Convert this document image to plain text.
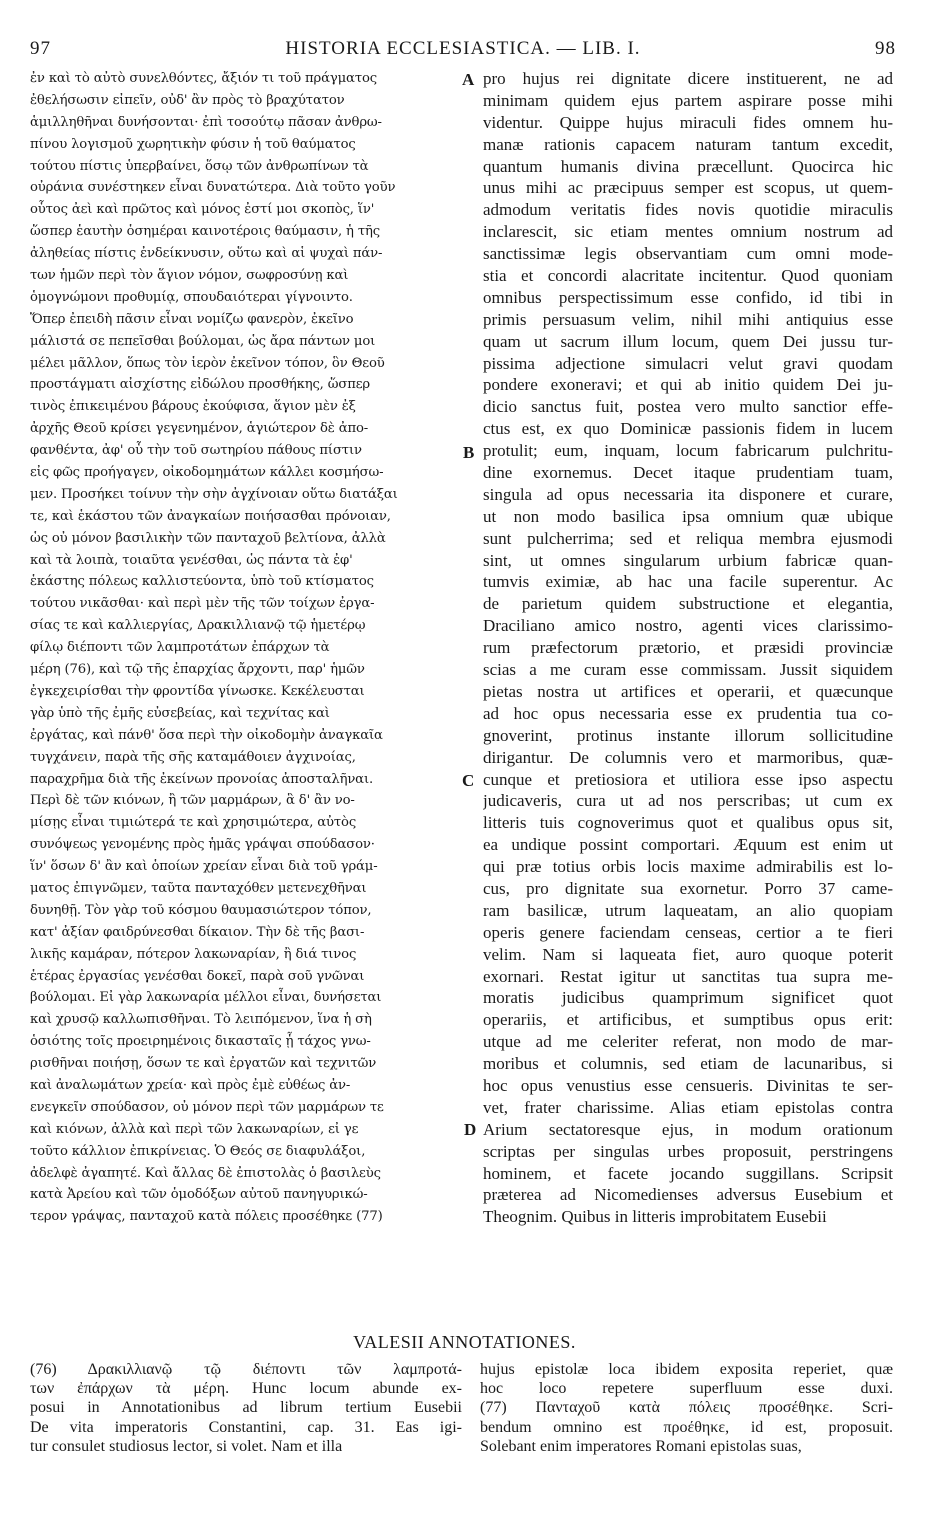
97	HISTORIA ECCLESIASTICA. — LIB. I.	98
ἐν καὶ τὸ αὐτὸ συνελθόντες, ἄξιόν τι τοῦ πράγματος
ἐθελήσωσιν εἰπεῖν, οὐδ' ἂν πρὸς τὸ βραχύτατον
ἁμιλληθῆναι δυνήσονται· ἐπὶ τοσούτῳ πᾶσαν ἀνθρω-
πίνου λογισμοῦ χωρητικὴν φύσιν ἡ τοῦ θαύματος
τούτου πίστις ὑπερβαίνει, ὅσῳ τῶν ἀνθρωπίνων τὰ
οὐράνια συνέστηκεν εἶναι δυνατώτερα. Διὰ τοῦτο γοῦν
οὗτος ἀεὶ καὶ πρῶτος καὶ μόνος ἐστί μοι σκοπὸς, ἵν'
ὥσπερ ἑαυτὴν ὁσημέραι καινοτέροις θαύμασιν, ἡ τῆς
ἀληθείας πίστις ἐνδείκνυσιν, οὕτω καὶ αἱ ψυχαὶ πάν-
των ἡμῶν περὶ τὸν ἅγιον νόμον, σωφροσύνῃ καὶ
ὁμογνώμονι προθυμίᾳ, σπουδαιότεραι γίγνοιντο.
Ὅπερ ἐπειδὴ πᾶσιν εἶναι νομίζω φανερὸν, ἐκεῖνο
μάλιστά σε πεπεῖσθαι βούλομαι, ὡς ἄρα πάντων μοι
μέλει μᾶλλον, ὅπως τὸν ἱερὸν ἐκεῖνον τόπον, ὃν Θεοῦ
προστάγματι αἰσχίστης εἰδώλου προσθήκης, ὥσπερ
τινὸς ἐπικειμένου βάρους ἐκούφισα, ἅγιον μὲν ἐξ
ἀρχῆς Θεοῦ κρίσει γεγενημένον, ἁγιώτερον δὲ ἀπο-
φανθέντα, ἀφ' οὗ τὴν τοῦ σωτηρίου πάθους πίστιν
εἰς φῶς προήγαγεν, οἰκοδομημάτων κάλλει κοσμήσω-
μεν. Προσήκει τοίνυν τὴν σὴν ἀγχίνοιαν οὕτω διατάξαι
τε, καὶ ἑκάστου τῶν ἀναγκαίων ποιήσασθαι πρόνοιαν,
ὡς οὐ μόνον βασιλικὴν τῶν πανταχοῦ βελτίονα, ἀλλὰ
καὶ τὰ λοιπὰ, τοιαῦτα γενέσθαι, ὡς πάντα τὰ ἐφ'
ἑκάστης πόλεως καλλιστεύοντα, ὑπὸ τοῦ κτίσματος
τούτου νικᾶσθαι· καὶ περὶ μὲν τῆς τῶν τοίχων ἐργα-
σίας τε καὶ καλλιεργίας, Δρακιλλιανῷ τῷ ἡμετέρῳ
φίλῳ διέποντι τῶν λαμπροτάτων ἐπάρχων τὰ
μέρη (76), καὶ τῷ τῆς ἐπαρχίας ἄρχοντι, παρ' ἡμῶν
ἐγκεχειρίσθαι τὴν φροντίδα γίνωσκε. Κεκέλευσται
γὰρ ὑπὸ τῆς ἐμῆς εὐσεβείας, καὶ τεχνίτας καὶ
ἐργάτας, καὶ πάνθ' ὅσα περὶ τὴν οἰκοδομὴν ἀναγκαῖα
τυγχάνειν, παρὰ τῆς σῆς καταμάθοιεν ἀγχινοίας,
παραχρῆμα διὰ τῆς ἐκείνων προνοίας ἀποσταλῆναι.
Περὶ δὲ τῶν κιόνων, ἢ τῶν μαρμάρων, ἃ δ' ἂν νο-
μίσῃς εἶναι τιμιώτερά τε καὶ χρησιμώτερα, αὐτὸς
συνόψεως γενομένης πρὸς ἡμᾶς γράψαι σπούδασον·
ἵν' ὅσων δ' ἂν καὶ ὁποίων χρείαν εἶναι διὰ τοῦ γράμ-
ματος ἐπιγνῶμεν, ταῦτα πανταχόθεν μετενεχθῆναι
δυνηθῇ. Τὸν γὰρ τοῦ κόσμου θαυμασιώτερον τόπον,
κατ' ἀξίαν φαιδρύνεσθαι δίκαιον. Τὴν δὲ τῆς βασι-
λικῆς καμάραν, πότερον λακωναρίαν, ἢ διά τινος
ἑτέρας ἐργασίας γενέσθαι δοκεῖ, παρὰ σοῦ γνῶναι
βούλομαι. Εἰ γὰρ λακωναρία μέλλοι εἶναι, δυνήσεται
καὶ χρυσῷ καλλωπισθῆναι. Τὸ λειπόμενον, ἵνα ἡ σὴ
ὁσιότης τοῖς προειρημένοις δικασταῖς ᾗ τάχος γνω-
ρισθῆναι ποιήσῃ, ὅσων τε καὶ ἐργατῶν καὶ τεχνιτῶν
καὶ ἀναλωμάτων χρεία· καὶ πρὸς ἐμὲ εὐθέως ἀν-
ενεγκεῖν σπούδασον, οὐ μόνον περὶ τῶν μαρμάρων τε
καὶ κιόνων, ἀλλὰ καὶ περὶ τῶν λακωναρίων, εἰ γε
τοῦτο κάλλιον ἐπικρίνειας. Ὁ Θεός σε διαφυλάξοι,
ἀδελφὲ ἀγαπητέ. Καὶ ἄλλας δὲ ἐπιστολὰς ὁ βασιλεὺς
κατὰ Ἀρείου καὶ τῶν ὁμοδόξων αὐτοῦ πανηγυρικώ-
τερον γράψας, πανταχοῦ κατὰ πόλεις προσέθηκε (77)
A
B
C
D
pro hujus rei dignitate dicere instituerent, ne ad
minimam quidem ejus partem aspirare posse mihi
videntur. Quippe hujus miraculi fides omnem hu-
manæ rationis capacem naturam tantum excedit,
quantum humanis divina præcellunt. Quocirca hic
unus mihi ac præcipuus semper est scopus, ut quem-
admodum veritatis fides novis quotidie miraculis
inclarescit, sic etiam mentes omnium nostrum ad
sanctissimæ legis observantiam cum omni mode-
stia et concordi alacritate incitentur. Quod quoniam
omnibus perspectissimum esse confido, id tibi in
primis persuasum velim, nihil mihi antiquius esse
quam ut sacrum illum locum, quem Dei jussu tur-
pissima adjectione simulacri velut gravi quodam
pondere exoneravi; et qui ab initio quidem Dei ju-
dicio sanctus fuit, postea vero multo sanctior effe-
ctus est, ex quo Dominicæ passionis fidem in lucem
protulit; eum, inquam, locum fabricarum pulchritu-
dine exornemus. Decet itaque prudentiam tuam,
singula ad opus necessaria ita disponere et curare,
ut non modo basilica ipsa omnium quæ ubique
sunt pulcherrima; sed et reliqua membra ejusmodi
sint, ut omnes singularum urbium fabricæ quan-
tumvis eximiæ, ab hac una facile superentur. Ac
de parietum quidem substructione et elegantia,
Draciliano amico nostro, agenti vices clarissimo-
rum præfectorum prætorio, et præsidi provinciæ
scias a me curam esse commissam. Jussit siquidem
pietas nostra ut artifices et operarii, et quæcunque
ad hoc opus necessaria esse ex prudentia tua co-
gnoverint, protinus instante illorum sollicitudine
dirigantur. De columnis vero et marmoribus, quæ-
cunque et pretiosiora et utiliora esse ipso aspectu
judicaveris, cura ut ad nos perscribas; ut cum ex
litteris tuis cognoverimus quot et qualibus opus sit,
ea undique possint comportari. Æquum est enim ut
qui præ totius orbis locis maxime admirabilis est lo-
cus, pro dignitate sua exornetur. Porro 37 came-
ram basilicæ, utrum laqueatam, an alio quopiam
operis genere faciendam censeas, certior a te fieri
velim. Nam si laqueata fiet, auro quoque poterit
exornari. Restat igitur ut sanctitas tua supra me-
moratis judicibus quamprimum significet quot
operariis, et artificibus, et sumptibus opus erit:
utque ad me celeriter referat, non modo de mar-
moribus et columnis, sed etiam de lacunaribus, si
hoc opus venustius esse censueris. Divinitas te ser-
vet, frater charissime. Alias etiam epistolas contra
Arium sectatoresque ejus, in modum orationum
scriptas per singulas urbes proposuit, perstringens
hominem, et facete jocando suggillans. Scripsit
præterea ad Nicomedienses adversus Eusebium et
Theognim. Quibus in litteris improbitatem Eusebii
VALESII ANNOTATIONES.
(76) Δρακιλλιανῷ τῷ διέποντι τῶν λαμπροτά-
των ἐπάρχων τὰ μέρη. Hunc locum abunde ex-
posui in Annotationibus ad librum tertium Eusebii
De vita imperatoris Constantini, cap. 31. Eas igi-
tur consulet studiosus lector, si volet. Nam et illa
hujus epistolæ loca ibidem exposita reperiet, quæ
hoc loco repetere superfluum esse duxi.
(77) Πανταχοῦ κατὰ πόλεις προσέθηκε. Scri-
bendum omnino est προέθηκε, id est, proposuit.
Solebant enim imperatores Romani epistolas suas,
